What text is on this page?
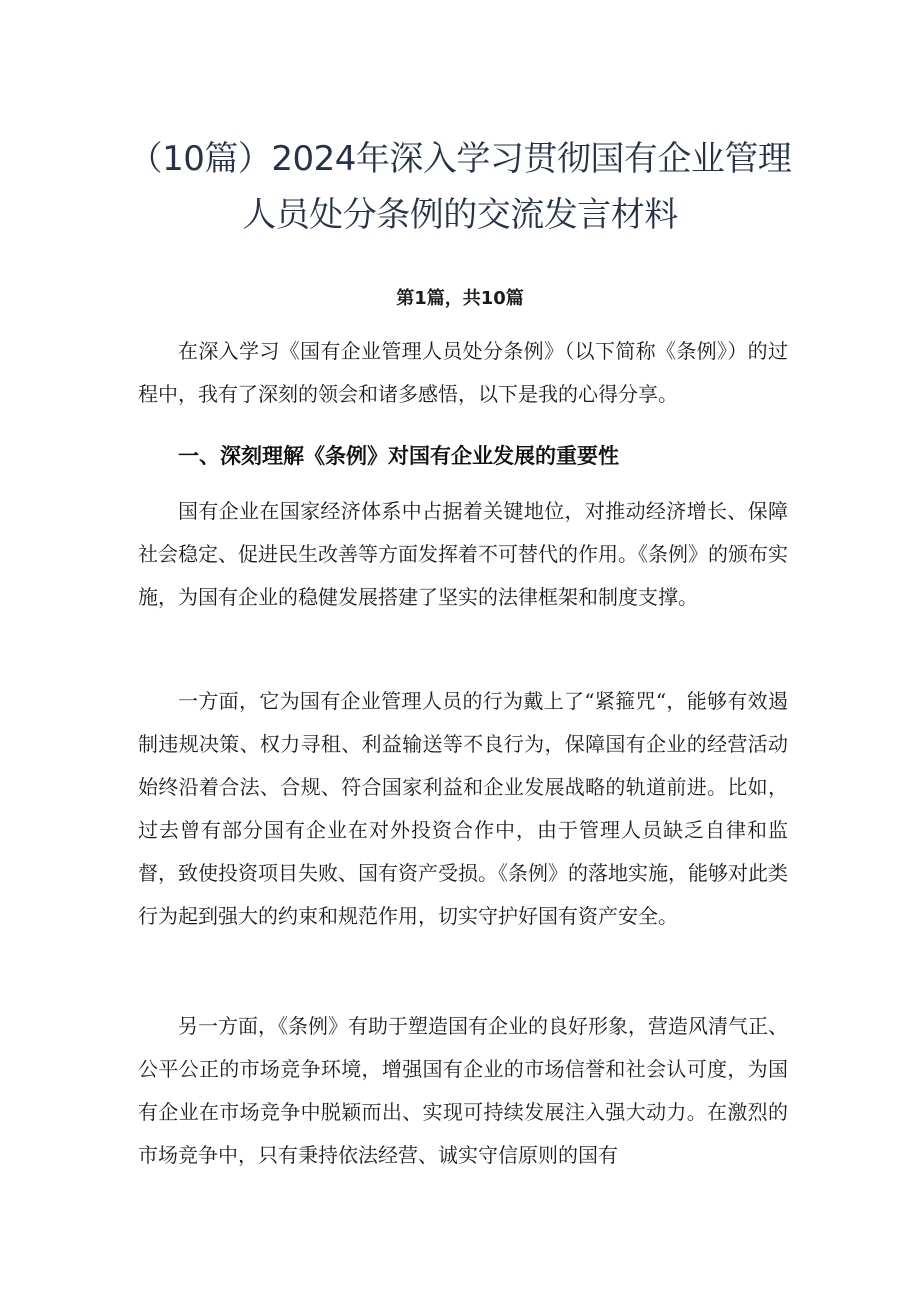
（10篇）2024年深入学习贯彻国有企业管理人员处分条例的交流发言材料
第1篇，共10篇

在深入学习《国有企业管理人员处分条例》（以下简称《条例》）的过程中，我有了深刻的领会和诸多感悟，以下是我的心得分享。

一、深刻理解《条例》对国有企业发展的重要性

国有企业在国家经济体系中占据着关键地位，对推动经济增长、保障社会稳定、促进民生改善等方面发挥着不可替代的作用。《条例》的颁布实施，为国有企业的稳健发展搭建了坚实的法律框架和制度支撑。

一方面，它为国有企业管理人员的行为戴上了“紧箍咒“，能够有效遏制违规决策、权力寻租、利益输送等不良行为，保障国有企业的经营活动始终沿着合法、合规、符合国家利益和企业发展战略的轨道前进。比如，过去曾有部分国有企业在对外投资合作中，由于管理人员缺乏自律和监督，致使投资项目失败、国有资产受损。《条例》的落地实施，能够对此类行为起到强大的约束和规范作用，切实守护好国有资产安全。

另一方面，《条例》有助于塑造国有企业的良好形象，营造风清气正、公平公正的市场竞争环境，增强国有企业的市场信誉和社会认可度，为国有企业在市场竞争中脱颖而出、实现可持续发展注入强大动力。在激烈的市场竞争中，只有秉持依法经营、诚实守信原则的国有
